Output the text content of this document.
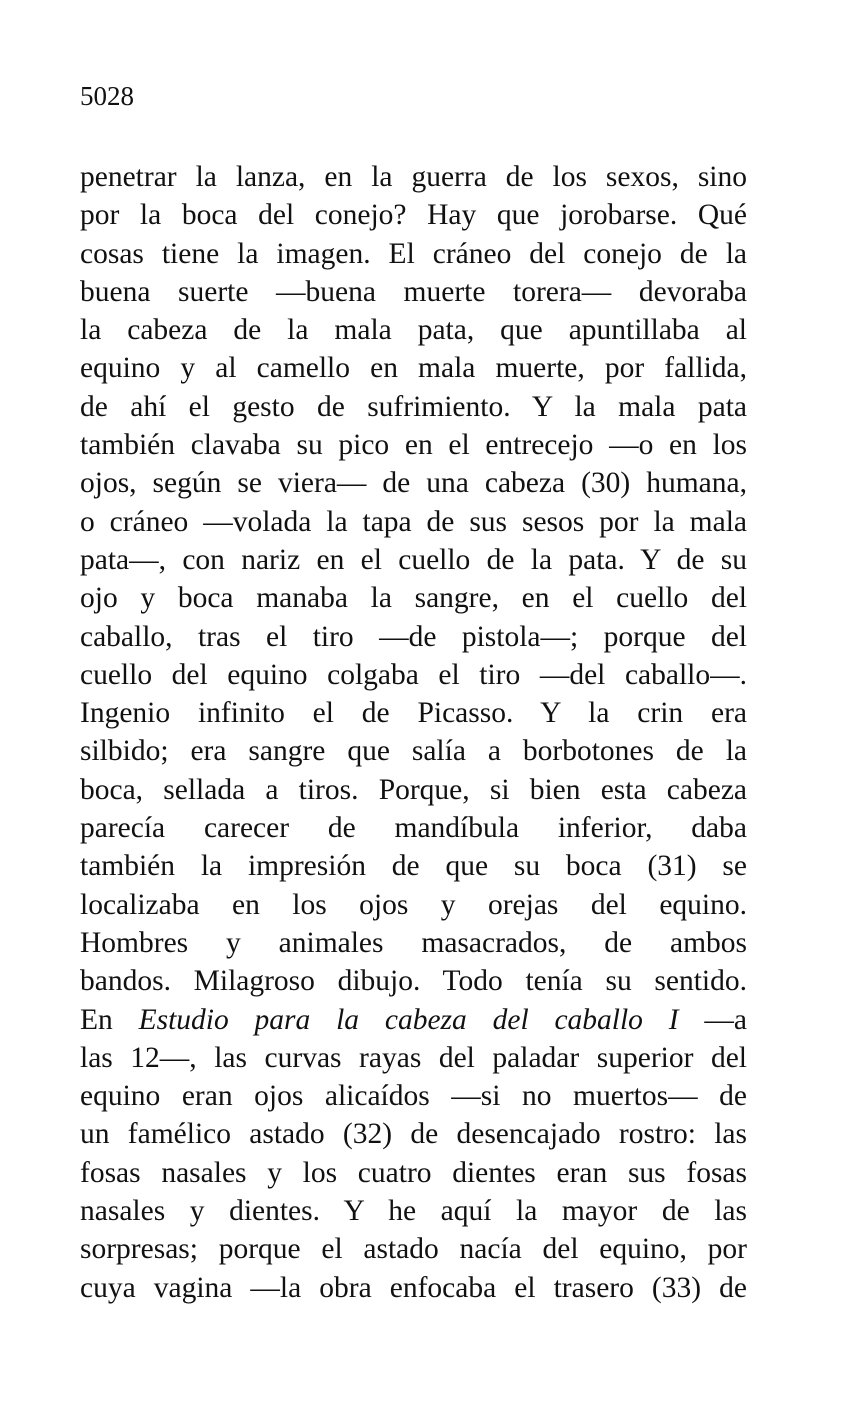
5028
penetrar la lanza, en la guerra de los sexos, sino
por la boca del conejo? Hay que jorobarse. Qué
cosas tiene la imagen. El cráneo del conejo de la
buena suerte —buena muerte torera— devoraba
la cabeza de la mala pata, que apuntillaba al
equino y al camello en mala muerte, por fallida,
de ahí el gesto de sufrimiento. Y la mala pata
también clavaba su pico en el entrecejo —o en los
ojos, según se viera— de una cabeza (30) humana,
o cráneo —volada la tapa de sus sesos por la mala
pata—, con nariz en el cuello de la pata. Y de su
ojo y boca manaba la sangre, en el cuello del
caballo, tras el tiro —de pistola—; porque del
cuello del equino colgaba el tiro —del caballo—.
Ingenio infinito el de Picasso. Y la crin era
silbido; era sangre que salía a borbotones de la
boca, sellada a tiros. Porque, si bien esta cabeza
parecía carecer de mandíbula inferior, daba
también la impresión de que su boca (31) se
localizaba en los ojos y orejas del equino.
Hombres y animales masacrados, de ambos
bandos. Milagroso dibujo. Todo tenía su sentido.
En Estudio para la cabeza del caballo I —a
las 12—, las curvas rayas del paladar superior del
equino eran ojos alicaídos —si no muertos— de
un famélico astado (32) de desencajado rostro: las
fosas nasales y los cuatro dientes eran sus fosas
nasales y dientes. Y he aquí la mayor de las
sorpresas; porque el astado nacía del equino, por
cuya vagina —la obra enfocaba el trasero (33) de
